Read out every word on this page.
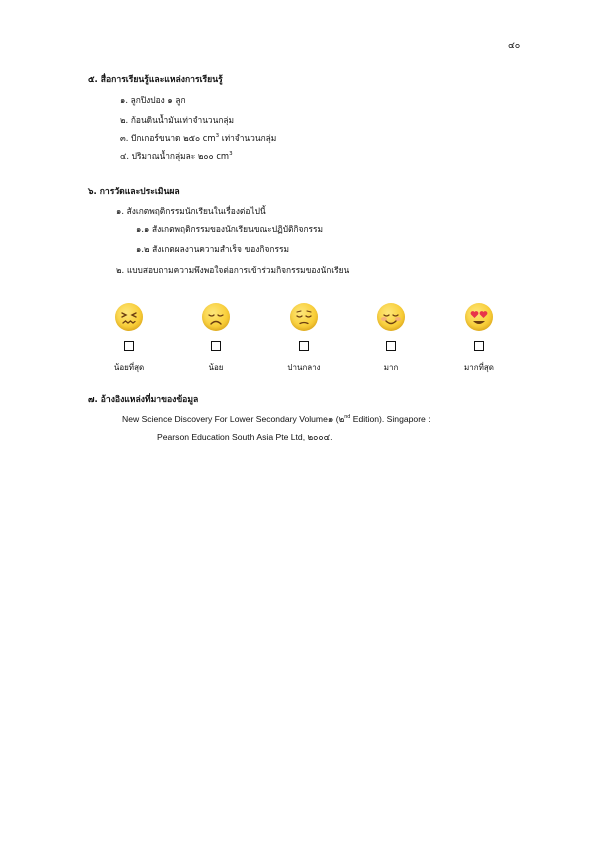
๔๐
๕. สื่อการเรียนรู้และแหล่งการเรียนรู้
๑. ลูกปิงปอง ๑ ลูก
๒. ก้อนดินน้ำมันเท่าจำนวนกลุ่ม
๓. บีกเกอร์ขนาด ๒๕๐ $cm^3$ เท่าจำนวนกลุ่ม
๔. ปริมาณน้ำกลุ่มละ ๒๐๐ $cm^3$
๖. การวัดและประเมินผล
๑. สังเกตพฤติกรรมนักเรียนในเรื่องต่อไปนี้
๑.๑ สังเกตพฤติกรรมของนักเรียนขณะปฏิบัติกิจกรรม
๑.๒ สังเกตผลงานความสำเร็จ ของกิจกรรม
๒. แบบสอบถามความพึงพอใจต่อการเข้าร่วมกิจกรรมของนักเรียน
น้อยที่สุด	น้อย	ปานกลาง	มาก	มากที่สุด
๗. อ้างอิงแหล่งที่มาของข้อมูล
New Science Discovery For Lower Secondary Volume๑ (๒$^{nd}$ Edition). Singapore :
Pearson Education South Asia Pte Ltd, ๒๐๐๔.
